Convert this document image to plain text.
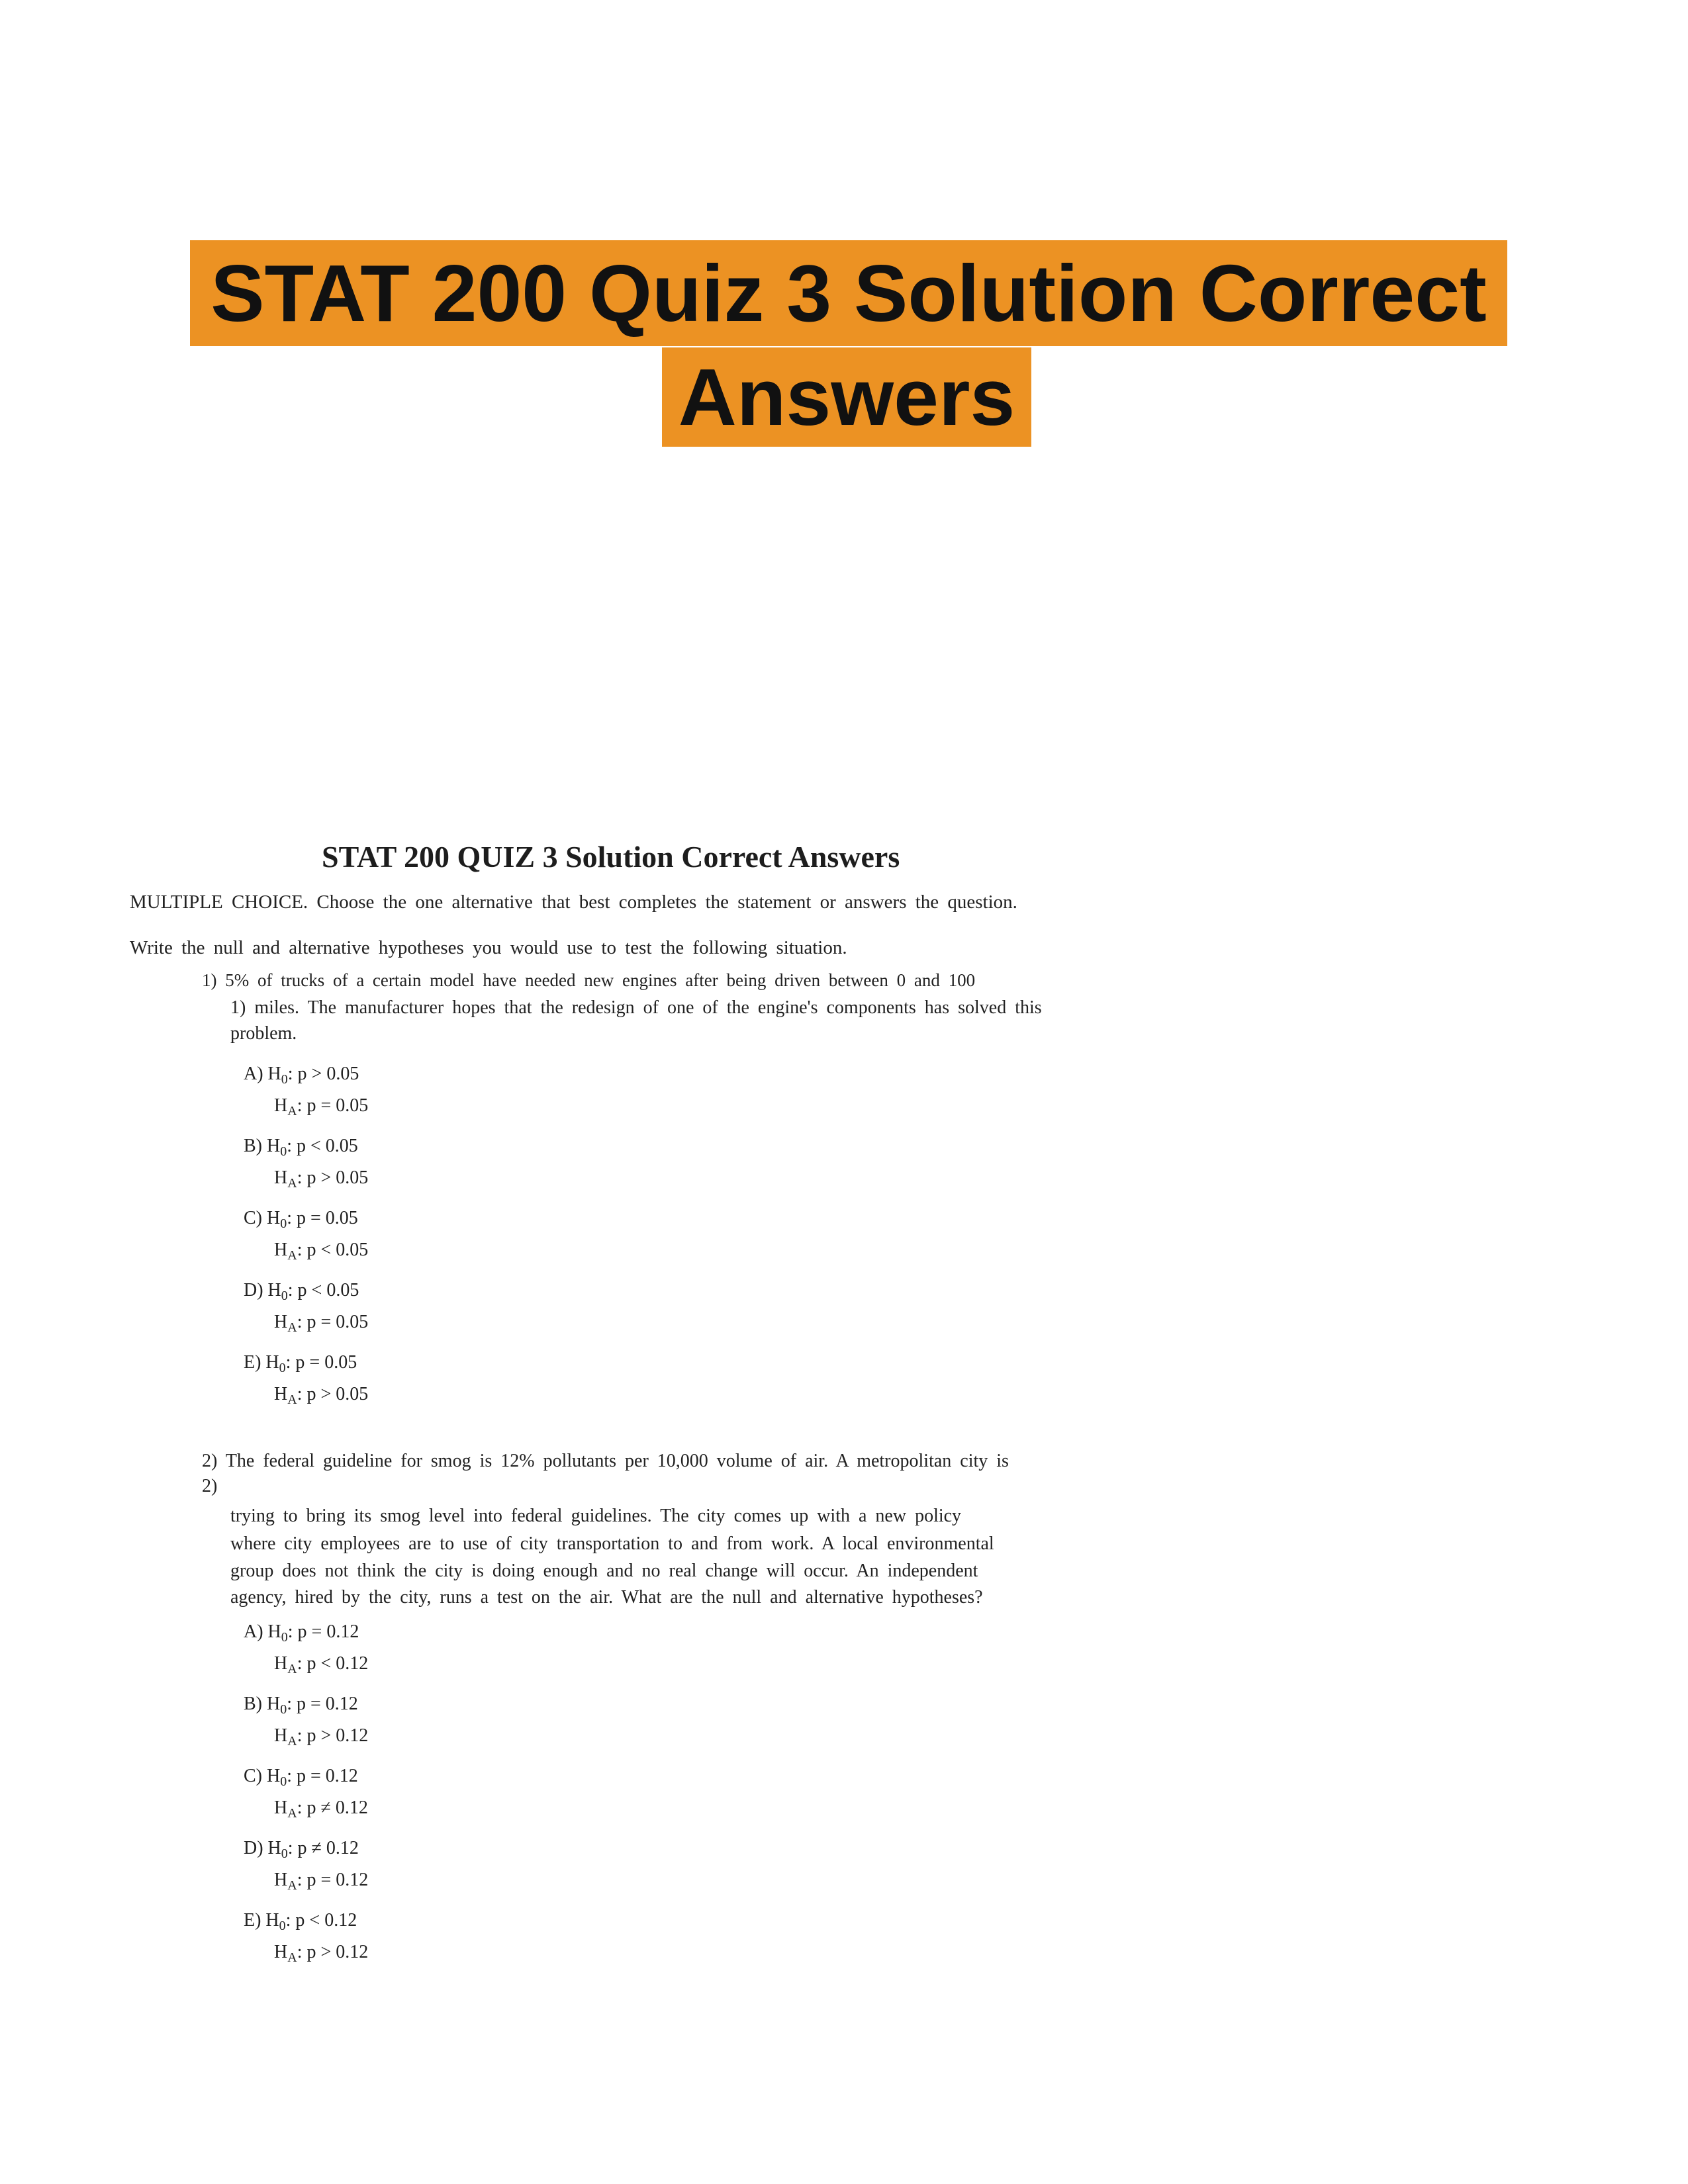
STAT 200 Quiz 3 Solution Correct
Answers
STAT 200 QUIZ 3 Solution Correct Answers
MULTIPLE CHOICE. Choose the one alternative that best completes the statement or answers the question.
Write the null and alternative hypotheses you would use to test the following situation.
1) 5% of trucks of a certain model have needed new engines after being driven between 0 and 100
1) miles. The manufacturer hopes that the redesign of one of the engine's components has solved this
problem.
A) $H_0$: p > 0.05
$H_A$: p = 0.05
B) $H_0$: p < 0.05
$H_A$: p > 0.05
C) $H_0$: p = 0.05
$H_A$: p < 0.05
D) $H_0$: p < 0.05
$H_A$: p = 0.05
E) $H_0$: p = 0.05
$H_A$: p > 0.05
2) The federal guideline for smog is 12% pollutants per 10,000 volume of air. A metropolitan city is
2)
trying to bring its smog level into federal guidelines. The city comes up with a new policy
where city employees are to use of city transportation to and from work. A local environmental
group does not think the city is doing enough and no real change will occur. An independent
agency, hired by the city, runs a test on the air. What are the null and alternative hypotheses?
A) $H_0$: p = 0.12
$H_A$: p < 0.12
B) $H_0$: p = 0.12
$H_A$: p > 0.12
C) $H_0$: p = 0.12
$H_A$: p ≠ 0.12
D) $H_0$: p ≠ 0.12
$H_A$: p = 0.12
E) $H_0$: p < 0.12
$H_A$: p > 0.12
